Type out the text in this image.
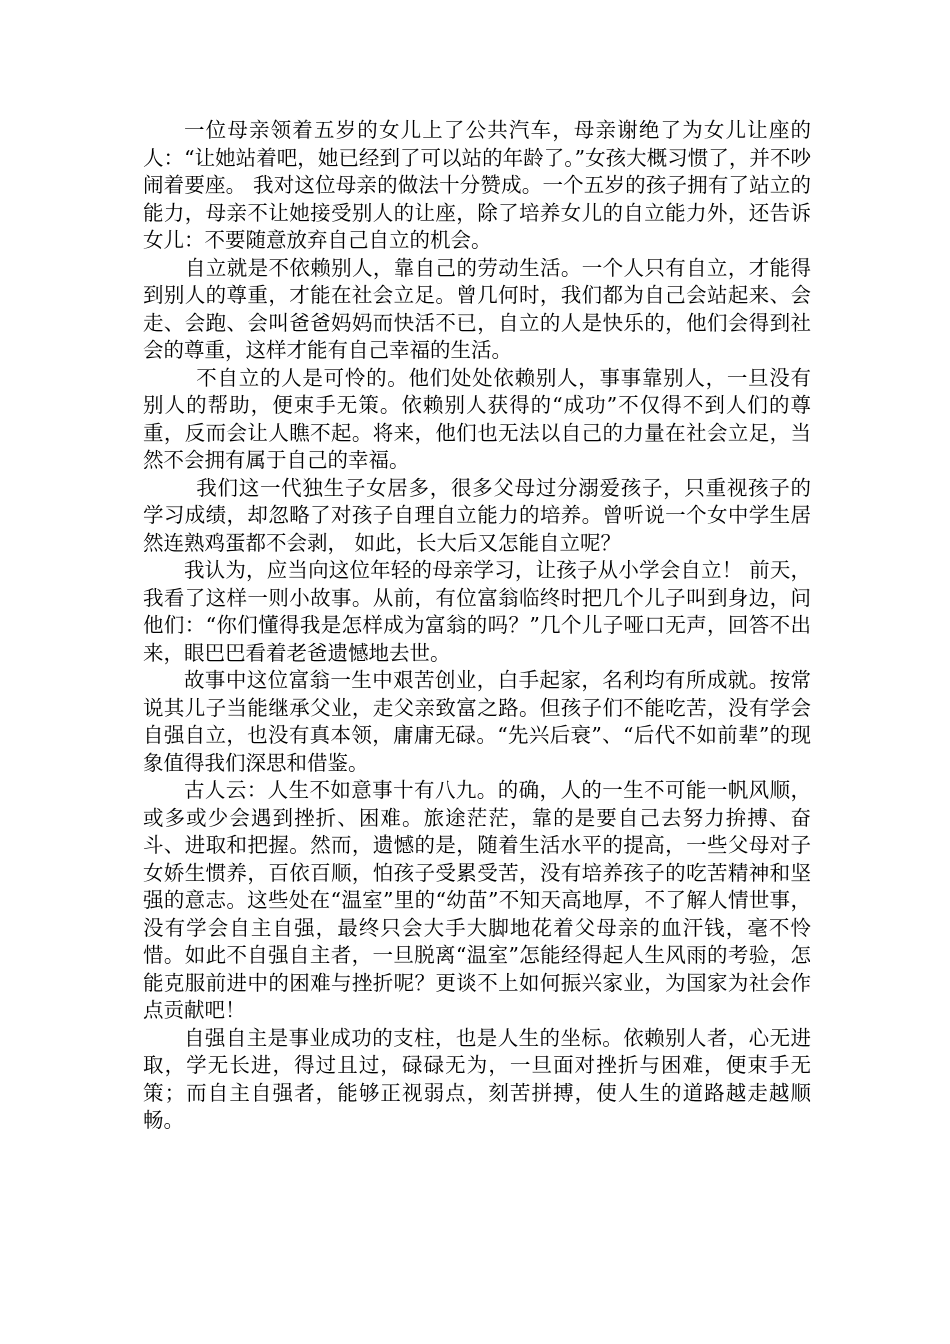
一位母亲领着五岁的女儿上了公共汽车，母亲谢绝了为女儿让座的人：“让她站着吧，她已经到了可以站的年龄了。”女孩大概习惯了，并不吵闹着要座。 我对这位母亲的做法十分赞成。一个五岁的孩子拥有了站立的能力，母亲不让她接受别人的让座，除了培养女儿的自立能力外，还告诉女儿：不要随意放弃自己自立的机会。

自立就是不依赖别人，靠自己的劳动生活。一个人只有自立，才能得到别人的尊重，才能在社会立足。曾几何时，我们都为自己会站起来、会走、会跑、会叫爸爸妈妈而快活不已，自立的人是快乐的，他们会得到社会的尊重，这样才能有自己幸福的生活。

不自立的人是可怜的。他们处处依赖别人，事事靠别人，一旦没有别人的帮助，便束手无策。依赖别人获得的“成功”不仅得不到人们的尊重，反而会让人瞧不起。将来，他们也无法以自己的力量在社会立足，当然不会拥有属于自己的幸福。

我们这一代独生子女居多，很多父母过分溺爱孩子，只重视孩子的学习成绩，却忽略了对孩子自理自立能力的培养。曾听说一个女中学生居然连熟鸡蛋都不会剥， 如此，长大后又怎能自立呢？

我认为，应当向这位年轻的母亲学习，让孩子从小学会自立！ 前天，我看了这样一则小故事。从前，有位富翁临终时把几个儿子叫到身边，问他们：“你们懂得我是怎样成为富翁的吗？”几个儿子哑口无声，回答不出来，眼巴巴看着老爸遗憾地去世。

故事中这位富翁一生中艰苦创业，白手起家，名利均有所成就。按常说其儿子当能继承父业，走父亲致富之路。但孩子们不能吃苦，没有学会自强自立，也没有真本领，庸庸无碌。“先兴后衰”、“后代不如前辈”的现象值得我们深思和借鉴。

古人云：人生不如意事十有八九。的确，人的一生不可能一帆风顺，或多或少会遇到挫折、困难。旅途茫茫，靠的是要自己去努力拚搏、奋斗、进取和把握。然而，遗憾的是，随着生活水平的提高，一些父母对子女娇生惯养，百依百顺，怕孩子受累受苦，没有培养孩子的吃苦精神和坚强的意志。这些处在“温室”里的“幼苗”不知天高地厚，不了解人情世事，没有学会自主自强，最终只会大手大脚地花着父母亲的血汗钱，毫不怜惜。如此不自强自主者，一旦脱离“温室”怎能经得起人生风雨的考验，怎能克服前进中的困难与挫折呢？更谈不上如何振兴家业，为国家为社会作点贡献吧！

自强自主是事业成功的支柱，也是人生的坐标。依赖别人者，心无进取，学无长进，得过且过，碌碌无为，一旦面对挫折与困难，便束手无策；而自主自强者，能够正视弱点，刻苦拼搏，使人生的道路越走越顺畅。
